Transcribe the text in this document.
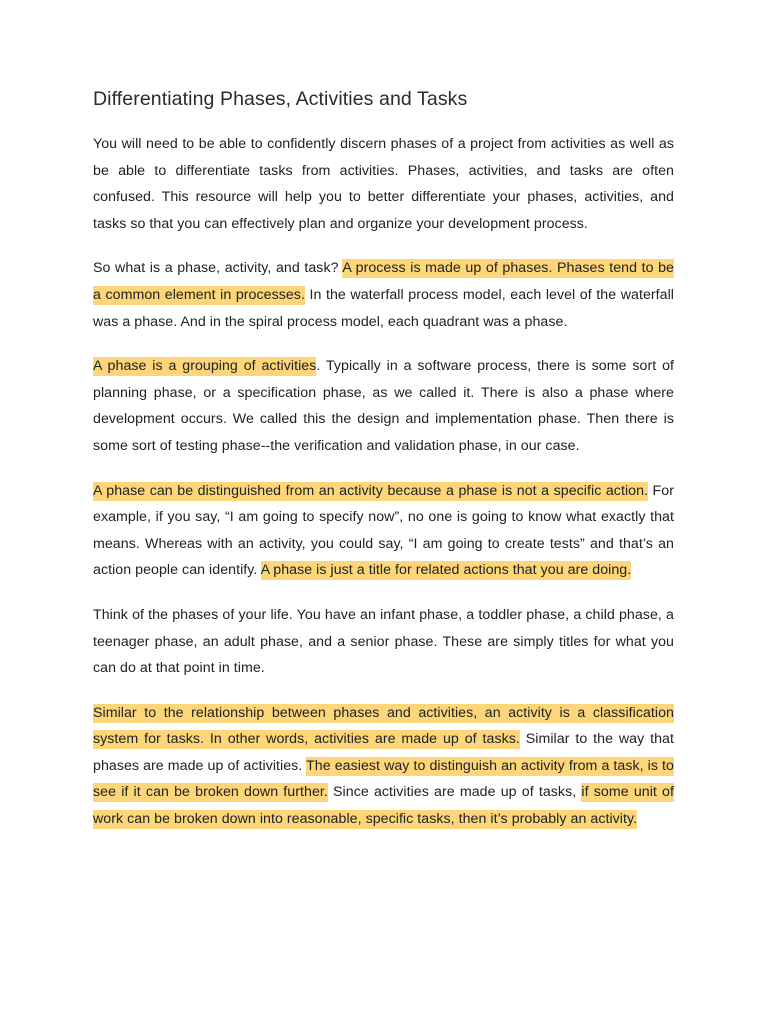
Differentiating Phases, Activities and Tasks

You will need to be able to confidently discern phases of a project from activities as well as be able to differentiate tasks from activities. Phases, activities, and tasks are often confused. This resource will help you to better differentiate your phases, activities, and tasks so that you can effectively plan and organize your development process.

So what is a phase, activity, and task? A process is made up of phases. Phases tend to be a common element in processes. In the waterfall process model, each level of the waterfall was a phase. And in the spiral process model, each quadrant was a phase.

A phase is a grouping of activities. Typically in a software process, there is some sort of planning phase, or a specification phase, as we called it. There is also a phase where development occurs. We called this the design and implementation phase. Then there is some sort of testing phase--the verification and validation phase, in our case.

A phase can be distinguished from an activity because a phase is not a specific action. For example, if you say, “I am going to specify now”, no one is going to know what exactly that means. Whereas with an activity, you could say, “I am going to create tests” and that’s an action people can identify. A phase is just a title for related actions that you are doing.

Think of the phases of your life. You have an infant phase, a toddler phase, a child phase, a teenager phase, an adult phase, and a senior phase. These are simply titles for what you can do at that point in time.

Similar to the relationship between phases and activities, an activity is a classification system for tasks. In other words, activities are made up of tasks. Similar to the way that phases are made up of activities. The easiest way to distinguish an activity from a task, is to see if it can be broken down further. Since activities are made up of tasks, if some unit of work can be broken down into reasonable, specific tasks, then it’s probably an activity.
